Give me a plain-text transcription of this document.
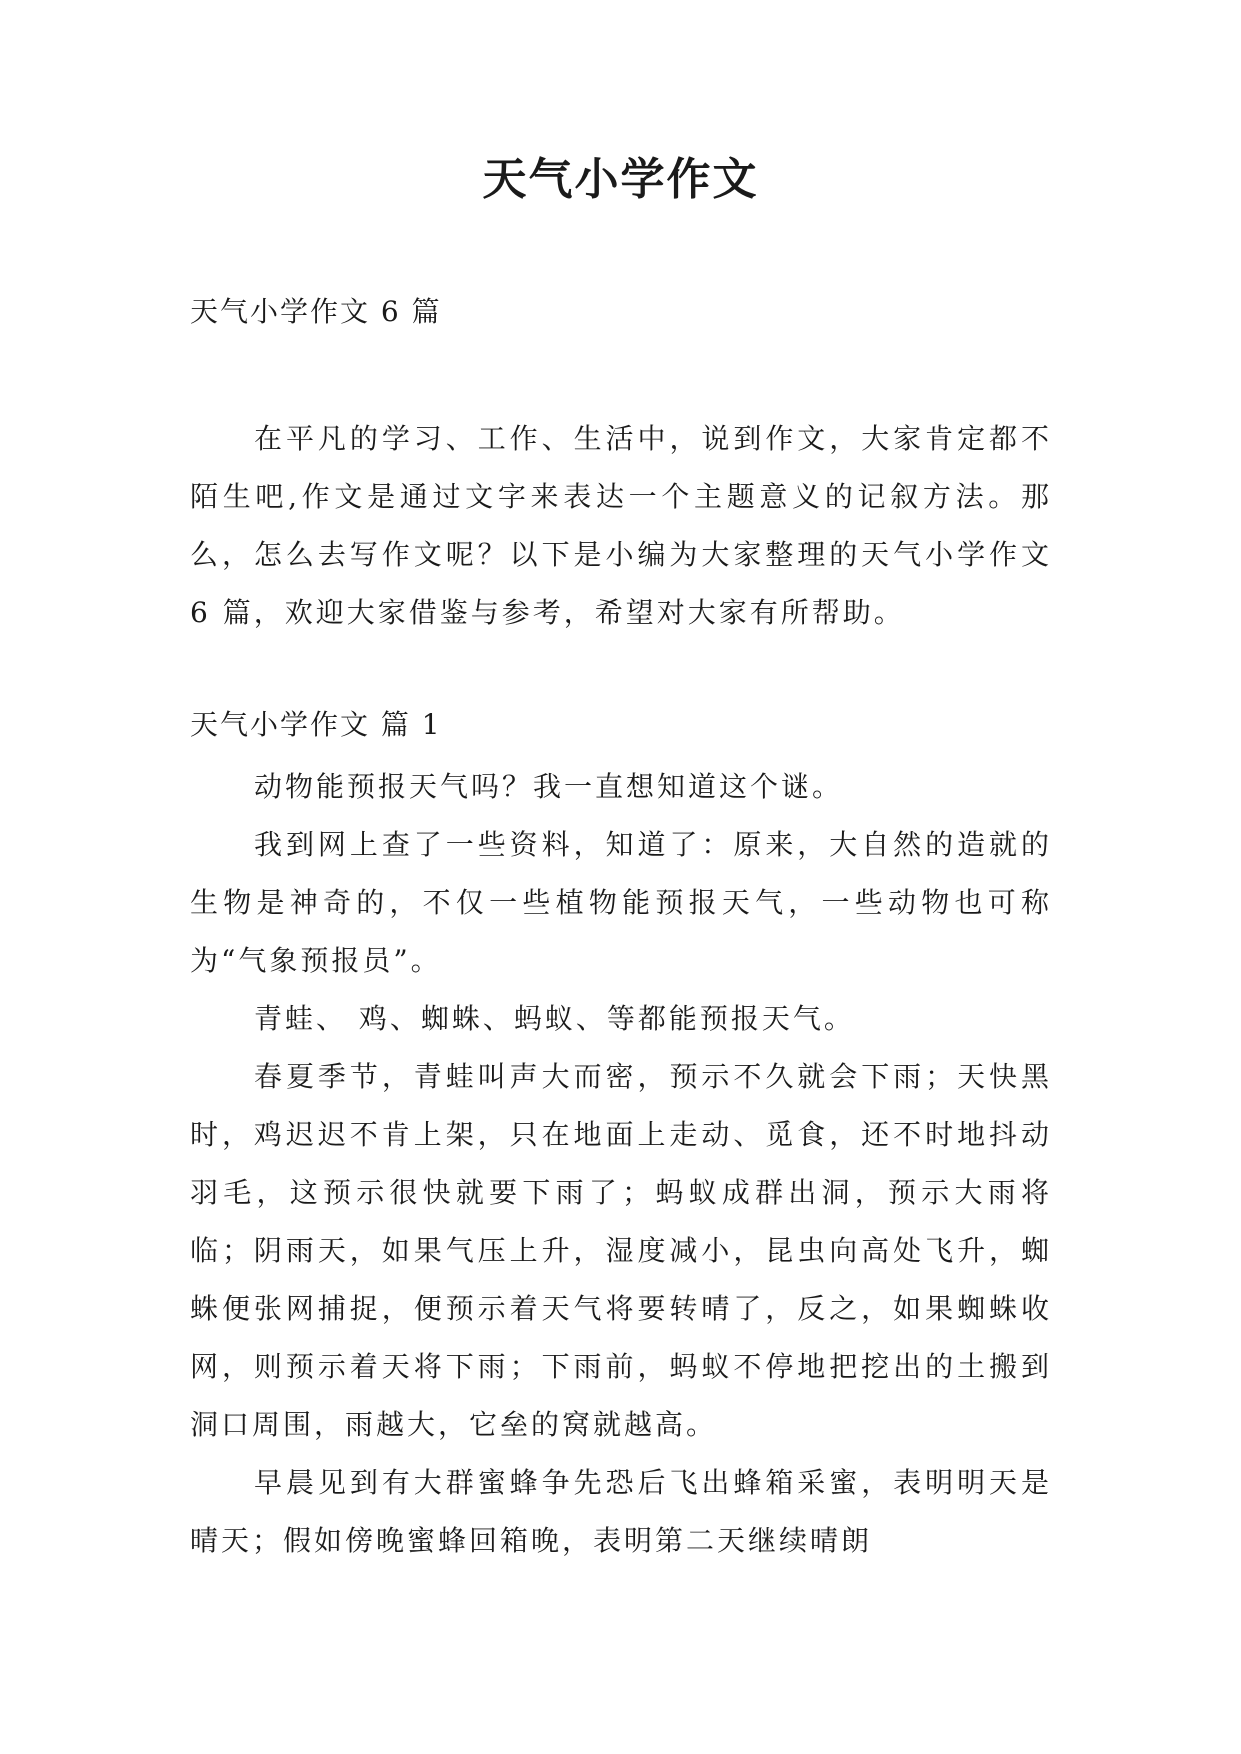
天气小学作文
天气小学作文 6 篇

在平凡的学习、工作、生活中，说到作文，大家肯定都不陌生吧,作文是通过文字来表达一个主题意义的记叙方法。那么，怎么去写作文呢？以下是小编为大家整理的天气小学作文 6 篇，欢迎大家借鉴与参考，希望对大家有所帮助。

天气小学作文 篇 1

动物能预报天气吗？我一直想知道这个谜。

我到网上查了一些资料，知道了：原来，大自然的造就的生物是神奇的，不仅一些植物能预报天气，一些动物也可称为“气象预报员”。

青蛙、 鸡、蜘蛛、蚂蚁、等都能预报天气。

春夏季节，青蛙叫声大而密，预示不久就会下雨；天快黑时，鸡迟迟不肯上架，只在地面上走动、觅食，还不时地抖动羽毛，这预示很快就要下雨了；蚂蚁成群出洞，预示大雨将临；阴雨天，如果气压上升，湿度减小，昆虫向高处飞升，蜘蛛便张网捕捉，便预示着天气将要转晴了，反之，如果蜘蛛收网，则预示着天将下雨；下雨前，蚂蚁不停地把挖出的土搬到洞口周围，雨越大，它垒的窝就越高。

早晨见到有大群蜜蜂争先恐后飞出蜂箱采蜜，表明明天是晴天；假如傍晚蜜蜂回箱晚，表明第二天继续晴朗
